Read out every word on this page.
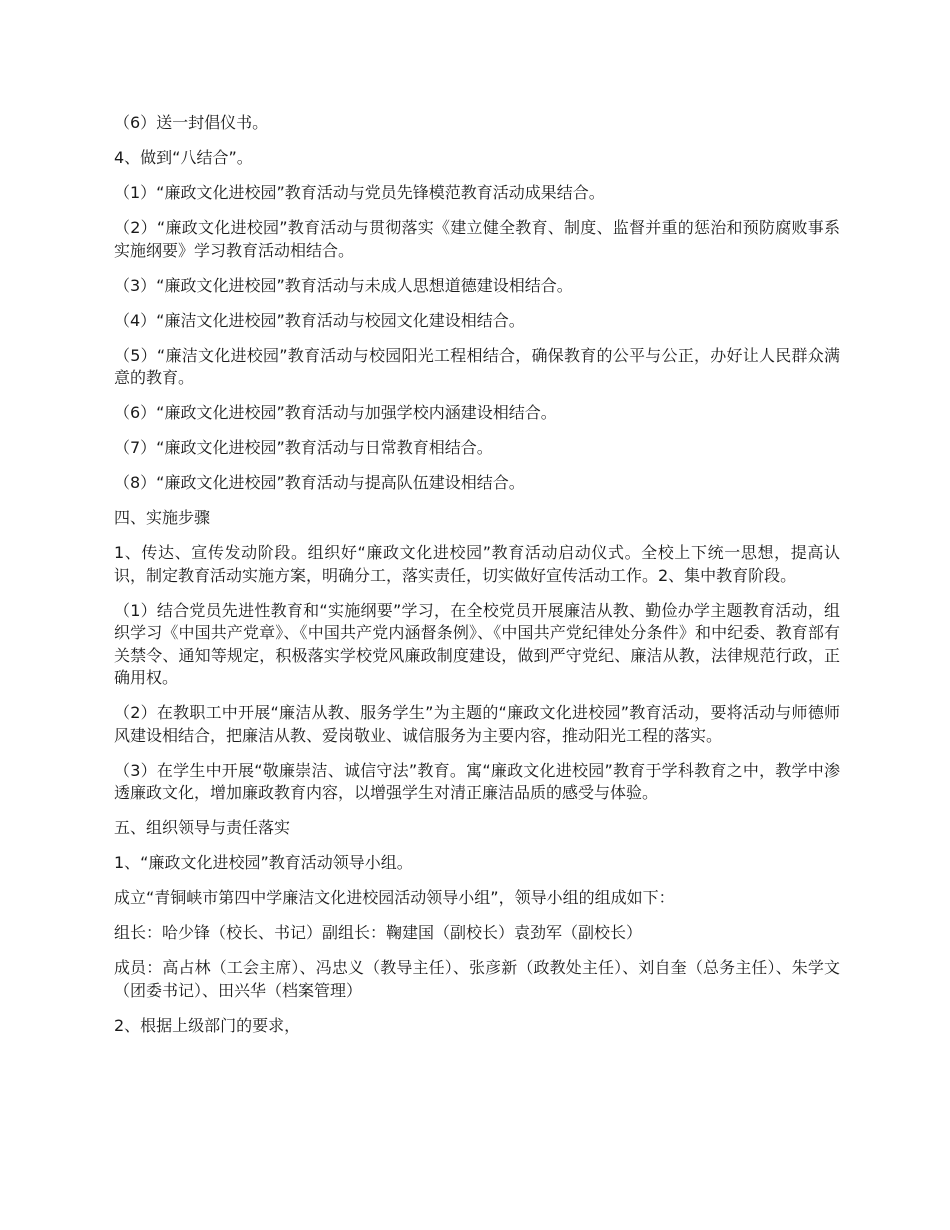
（6）送一封倡仪书。

4、做到“八结合”。

（1）“廉政文化进校园”教育活动与党员先锋模范教育活动成果结合。

（2）“廉政文化进校园”教育活动与贯彻落实《建立健全教育、制度、监督并重的惩治和预防腐败事系实施纲要》学习教育活动相结合。

（3）“廉政文化进校园”教育活动与未成人思想道德建设相结合。

（4）“廉洁文化进校园”教育活动与校园文化建设相结合。

（5）“廉洁文化进校园”教育活动与校园阳光工程相结合，确保教育的公平与公正，办好让人民群众满意的教育。

（6）“廉政文化进校园”教育活动与加强学校内涵建设相结合。

（7）“廉政文化进校园”教育活动与日常教育相结合。

（8）“廉政文化进校园”教育活动与提高队伍建设相结合。

四、实施步骤

1、传达、宣传发动阶段。组织好“廉政文化进校园”教育活动启动仪式。全校上下统一思想，提高认识，制定教育活动实施方案，明确分工，落实责任，切实做好宣传活动工作。2、集中教育阶段。

（1）结合党员先进性教育和“实施纲要”学习，在全校党员开展廉洁从教、勤俭办学主题教育活动，组织学习《中国共产党章》、《中国共产党内涵督条例》、《中国共产党纪律处分条件》和中纪委、教育部有关禁令、通知等规定，积极落实学校党风廉政制度建设，做到严守党纪、廉洁从教，法律规范行政，正确用权。

（2）在教职工中开展“廉洁从教、服务学生”为主题的“廉政文化进校园”教育活动，要将活动与师德师风建设相结合，把廉洁从教、爱岗敬业、诚信服务为主要内容，推动阳光工程的落实。

（3）在学生中开展“敬廉崇洁、诚信守法”教育。寓“廉政文化进校园”教育于学科教育之中，教学中渗透廉政文化，增加廉政教育内容，以增强学生对清正廉洁品质的感受与体验。

五、组织领导与责任落实

1、“廉政文化进校园”教育活动领导小组。

成立“青铜峡市第四中学廉洁文化进校园活动领导小组”，领导小组的组成如下：

组长：哈少锋（校长、书记）副组长：鞠建国（副校长）袁劲军（副校长）

成员：高占林（工会主席）、冯忠义（教导主任）、张彦新（政教处主任）、刘自奎（总务主任）、朱学文（团委书记）、田兴华（档案管理）

2、根据上级部门的要求，
